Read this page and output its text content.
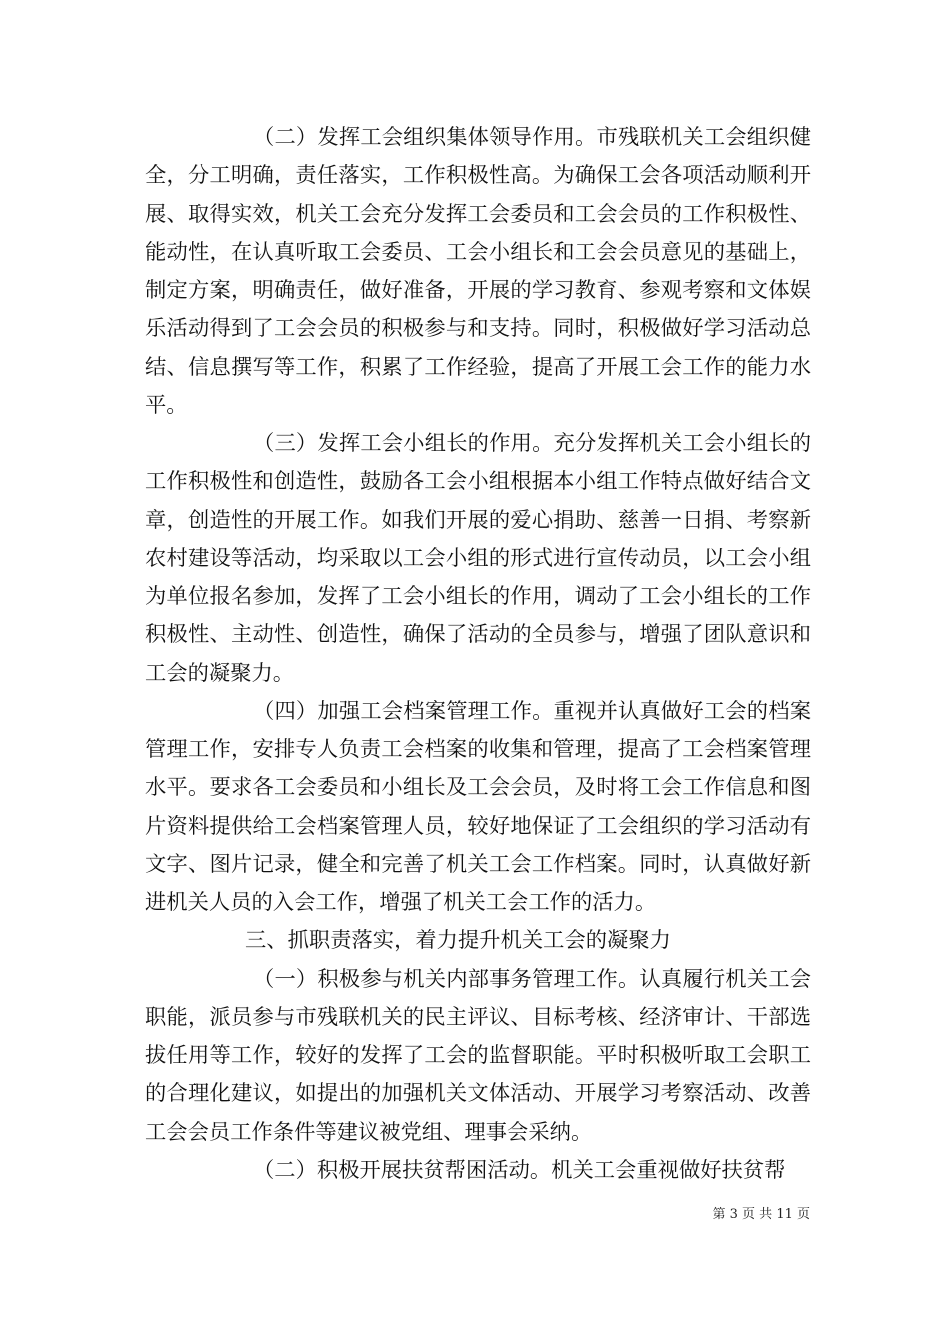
（二）发挥工会组织集体领导作用。市残联机关工会组织健全，分工明确，责任落实，工作积极性高。为确保工会各项活动顺利开展、取得实效，机关工会充分发挥工会委员和工会会员的工作积极性、能动性，在认真听取工会委员、工会小组长和工会会员意见的基础上，制定方案，明确责任，做好准备，开展的学习教育、参观考察和文体娱乐活动得到了工会会员的积极参与和支持。同时，积极做好学习活动总结、信息撰写等工作，积累了工作经验，提高了开展工会工作的能力水平。

（三）发挥工会小组长的作用。充分发挥机关工会小组长的工作积极性和创造性，鼓励各工会小组根据本小组工作特点做好结合文章，创造性的开展工作。如我们开展的爱心捐助、慈善一日捐、考察新农村建设等活动，均采取以工会小组的形式进行宣传动员，以工会小组为单位报名参加，发挥了工会小组长的作用，调动了工会小组长的工作积极性、主动性、创造性，确保了活动的全员参与，增强了团队意识和工会的凝聚力。

（四）加强工会档案管理工作。重视并认真做好工会的档案管理工作，安排专人负责工会档案的收集和管理，提高了工会档案管理水平。要求各工会委员和小组长及工会会员，及时将工会工作信息和图片资料提供给工会档案管理人员，较好地保证了工会组织的学习活动有文字、图片记录，健全和完善了机关工会工作档案。同时，认真做好新进机关人员的入会工作，增强了机关工会工作的活力。

三、抓职责落实，着力提升机关工会的凝聚力

（一）积极参与机关内部事务管理工作。认真履行机关工会职能，派员参与市残联机关的民主评议、目标考核、经济审计、干部选拔任用等工作，较好的发挥了工会的监督职能。平时积极听取工会职工的合理化建议，如提出的加强机关文体活动、开展学习考察活动、改善工会会员工作条件等建议被党组、理事会采纳。

（二）积极开展扶贫帮困活动。机关工会重视做好扶贫帮

第 3 页 共 11 页
